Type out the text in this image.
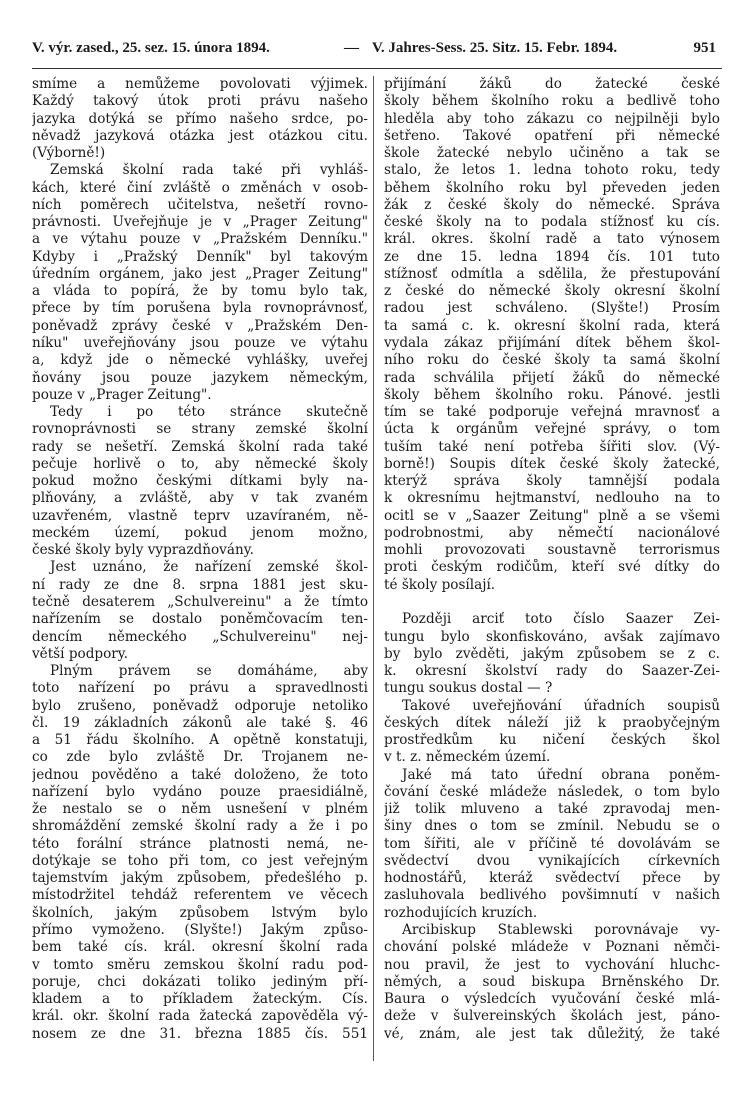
V. výr. zased., 25. sez. 15. února 1894.	— V. Jahres-Sess. 25. Sitz. 15. Febr. 1894.	951
smíme a nemůžeme povolovati výjimek.
Každý takový útok proti právu našeho
jazyka dotýká se přímo našeho srdce, po-
něvadž jazyková otázka jest otázkou citu.
(Výborně!)
Zemská školní rada také při vyhláš-
kách, které činí zvláště o změnách v osob-
ních poměrech učitelstva, nešetří rovno-
právnosti. Uveřejňuje je v „Prager Zeitung"
a ve výtahu pouze v „Pražském Denníku."
Kdyby i „Pražský Denník" byl takovým
úředním orgánem, jako jest „Prager Zeitung"
a vláda to popírá, že by tomu bylo tak,
přece by tím porušena byla rovnoprávnosť,
poněvadž zprávy české v „Pražském Den-
níku" uveřejňovány jsou pouze ve výtahu
a, když jde o německé vyhlášky, uveřej
ňovány jsou pouze jazykem německým,
pouze v „Prager Zeitung".
Tedy i po této stránce skutečně
rovnoprávnosti se strany zemské školní
rady se nešetří. Zemská školní rada také
pečuje horlivě o to, aby německé školy
pokud možno českými dítkami byly na-
plňovány, a zvláště, aby v tak zvaném
uzavřeném, vlastně teprv uzavíraném, ně-
meckém území, pokud jenom možno,
české školy byly vyprazdňovány.
Jest uznáno, že nařízení zemské škol-
ní rady ze dne 8. srpna 1881 jest sku-
tečně desaterem „Schulvereinu" a že tímto
nařízením se dostalo poněmčovacím ten-
dencím německého „Schulvereinu" nej-
větší podpory.
Plným právem se domáháme, aby
toto nařízení po právu a spravedlnosti
bylo zrušeno, poněvadž odporuje netoliko
čl. 19 základních zákonů ale také §. 46
a 51 řádu školního. A opětně konstatuji,
co zde bylo zvláště Dr. Trojanem ne-
jednou pověděno a také doloženo, že toto
nařízení bylo vydáno pouze praesidiálně,
že nestalo se o něm usnešení v plném
shromáždění zemské školní rady a že i po
této forální stránce platnosti nemá, ne-
dotýkaje se toho při tom, co jest veřejným
tajemstvím jakým způsobem, předešlého p.
místodržitel tehdáž referentem ve věcech
školních, jakým způsobem lstvým bylo
přímo vymoženo. (Slyšte!) Jakým způso-
bem také cís. král. okresní školní rada
v tomto směru zemskou školní radu pod-
poruje, chci dokázati toliko jediným pří-
kladem a to příkladem žateckým. Cís.
král. okr. školní rada žatecká zapověděla vý-
nosem ze dne 31. března 1885 čís. 551
přijímání žáků do žatecké české
školy během školního roku a bedlivě toho
hleděla aby toho zákazu co nejpilněji bylo
šetřeno. Takové opatření při německé
škole žatecké nebylo učiněno a tak se
stalo, že letos 1. ledna tohoto roku, tedy
během školního roku byl převeden jeden
žák z české školy do německé. Správa
české školy na to podala stížnosť ku cís.
král. okres. školní radě a tato výnosem
ze dne 15. ledna 1894 čís. 101 tuto
stížnosť odmítla a sdělila, že přestupování
z české do německé školy okresní školní
radou jest schváleno. (Slyšte!) Prosím
ta samá c. k. okresní školní rada, která
vydala zákaz přijímání dítek během škol-
ního roku do české školy ta samá školní
rada schválila přijetí žáků do německé
školy během školního roku. Pánové. jestli
tím se také podporuje veřejná mravnosť a
úcta k orgánům veřejné správy, o tom
tuším také není potřeba šířiti slov. (Vý-
borně!) Soupis dítek české školy žatecké,
kterýž správa školy tamnější podala
k okresnímu hejtmanství, nedlouho na to
ocitl se v „Saazer Zeitung" plně a se všemi
podrobnostmi, aby němečtí nacionálové
mohli provozovati soustavně terrorismus
proti českým rodičům, kteří své dítky do
té školy posílají.
Později arciť toto číslo Saazer Zei-
tungu bylo skonfiskováno, avšak zajímavo
by bylo zvěděti, jakým způsobem se z c.
k. okresní školství rady do Saazer-Zei-
tungu soukus dostal — ?
Takové uveřejňování úřadních soupisů
českých dítek náleží již k praobyčejným
prostředkům ku ničení českých škol
v t. z. německém území.
Jaké má tato úřední obrana poněm-
čování české mládeže následek, o tom bylo
již tolik mluveno a také zpravodaj men-
šiny dnes o tom se zmínil. Nebudu se o
tom šířiti, ale v příčině té dovolávám se
svědectví dvou vynikajících církevních
hodnostářů, kteráž svědectví přece by
zasluhovala bedlivého povšimnutí v našich
rozhodujících kruzích.
Arcibiskup Stablewski porovnávaje vy-
chování polské mládeže v Poznani němči-
nou pravil, že jest to vychování hluchc-
němých, a soud biskupa Brněnského Dr.
Baura o výsledcích vyučování české mlá-
deže v šulvereinských školách jest, páno-
vé, znám, ale jest tak důležitý, že také
